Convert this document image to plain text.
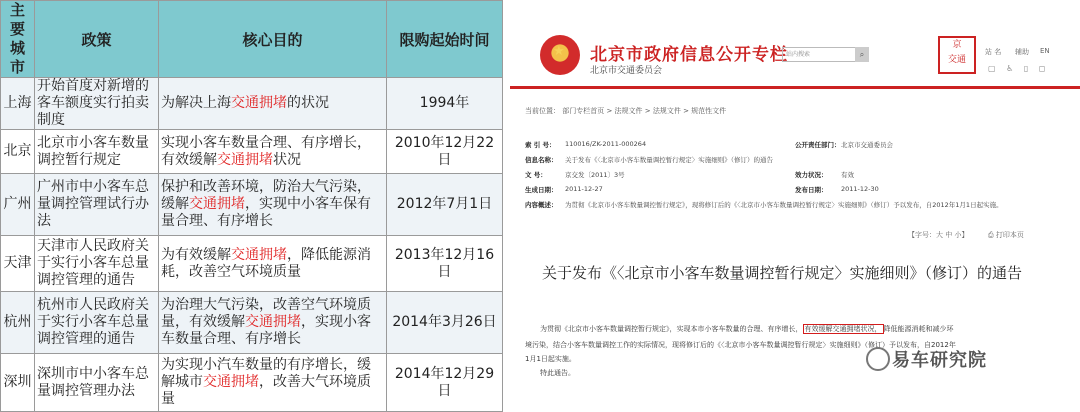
主要城市	政策	核心目的	限购起始时间
上海	开始首度对新增的客车额度实行拍卖制度	为解决上海交通拥堵的状况	1994年
北京	北京市小客车数量调控暂行规定	实现小客车数量合理、有序增长，有效缓解交通拥堵状况	2010年12月22日
广州	广州市中小客车总量调控管理试行办法	保护和改善环境，防治大气污染，缓解交通拥堵，实现中小客车保有量合理、有序增长	2012年7月1日
天津	天津市人民政府关于实行小客车总量调控管理的通告	为有效缓解交通拥堵，降低能源消耗，改善空气环境质量	2013年12月16日
杭州	杭州市人民政府关于实行小客车总量调控管理的通告	为治理大气污染，改善空气环境质量，有效缓解交通拥堵，实现小客车数量合理、有序增长	2014年3月26日
深圳	深圳市中小客车总量调控管理办法	为实现小汽车数量的有序增长，缓解城市交通拥堵，改善大气环境质量	2014年12月29日
★ 北京市政府信息公开专栏
北京市交通委员会
站内搜索	⌕
京
交通
站 名 辅助 EN
▢ ♿ ▯ ◻
当前位置： 部门专栏首页 > 法规文件 > 法规文件 > 规范性文件
索 引 号： 110016/ZK-2011-000264	公开责任部门： 北京市交通委员会
信息名称： 关于发布《〈北京市小客车数量调控暂行规定〉实施细则》（修订）的通告
文 号：	京交发〔2011〕3号	效力状况： 有效
生成日期： 2011-12-27	发布日期： 2011-12-30
内容概述： 为贯彻《北京市小客车数量调控暂行规定》，现将修订后的《〈北京市小客车数量调控暂行规定〉实施细则》（修订）予以发布，自2012年1月1日起实施。
【字号：大 中 小】	⎙ 打印本页
关于发布《〈北京市小客车数量调控暂行规定〉实施细则》（修订）的通告
为贯彻《北京市小客车数量调控暂行规定》，实现本市小客车数量的合理、有序增长， 有效缓解交通拥堵状况， 降低能源消耗和减少环
境污染，结合小客车数量调控工作的实际情况，现将修订后的《〈北京市小客车数量调控暂行规定〉实施细则》（修订）予以发布，自2012年
1月1日起实施。
特此通告。
易车研究院
